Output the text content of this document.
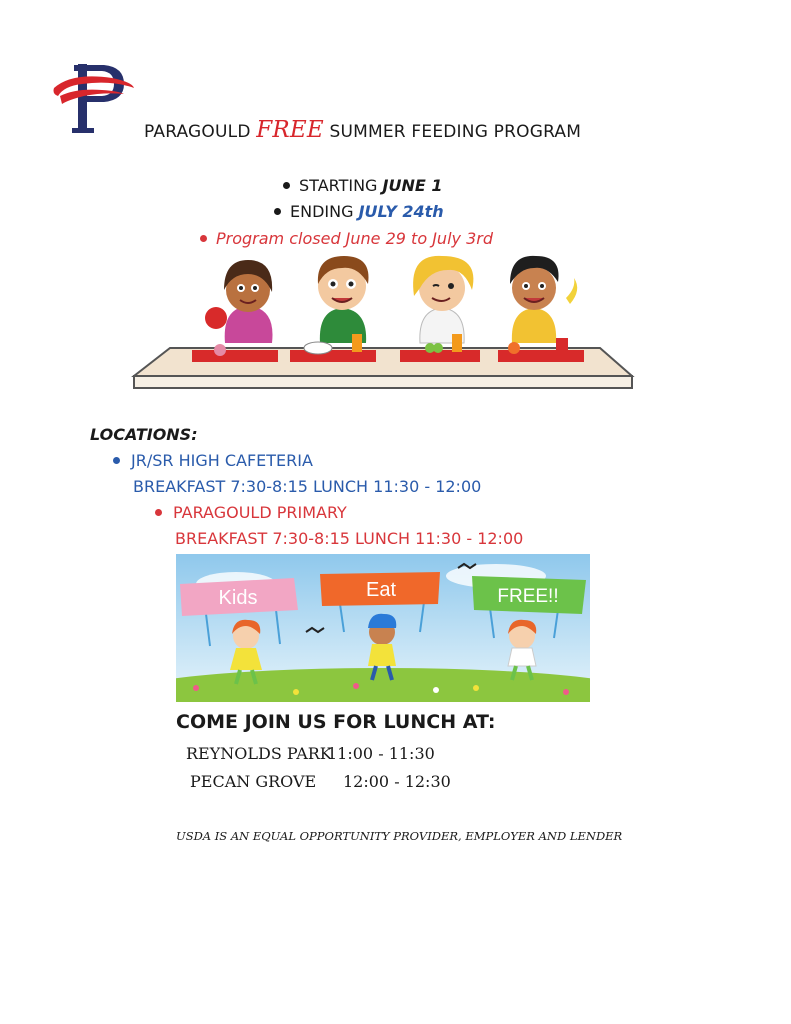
PARAGOULD FREE SUMMER FEEDING PROGRAM
STARTING JUNE 1
ENDING JULY 24th
Program closed June 29 to July 3rd
LOCATIONS:
JR/SR HIGH CAFETERIA
BREAKFAST 7:30-8:15 LUNCH 11:30 - 12:00
PARAGOULD PRIMARY
BREAKFAST 7:30-8:15 LUNCH 11:30 - 12:00
Kids	Eat	FREE!!
COME JOIN US FOR LUNCH AT:
REYNOLDS PARK
11:00 - 11:30
PECAN GROVE 12:00 - 12:30
USDA IS AN EQUAL OPPORTUNITY PROVIDER, EMPLOYER AND LENDER
